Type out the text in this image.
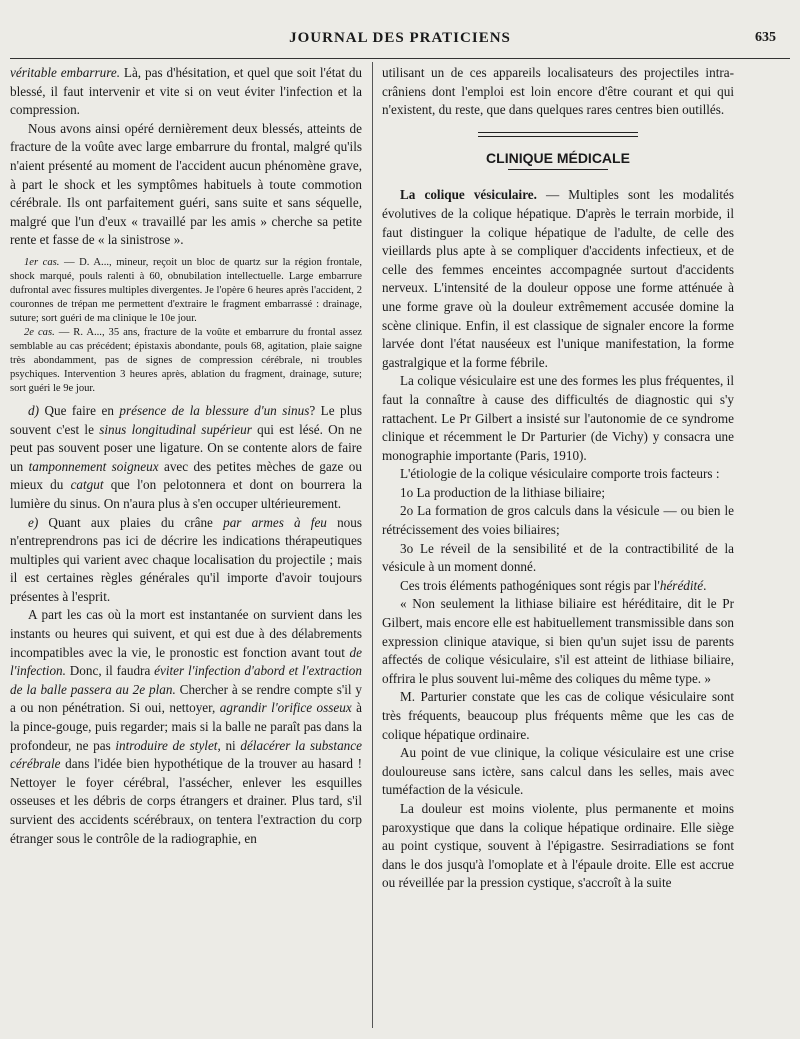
JOURNAL DES PRATICIENS	635

véritable embarrure. Là, pas d'hésitation, et quel que soit l'état du blessé, il faut intervenir et vite si on veut éviter l'infection et la compression.

Nous avons ainsi opéré dernièrement deux blessés, atteints de fracture de la voûte avec large embarrure du frontal, malgré qu'ils n'aient présenté au moment de l'accident aucun phénomène grave, à part le shock et les symptômes habituels à toute commotion cérébrale. Ils ont parfaitement guéri, sans suite et sans séquelle, malgré que l'un d'eux « travaillé par les amis » cherche sa petite rente et fasse de « la sinistrose ».

1er cas. — D. A..., mineur, reçoit un bloc de quartz sur la région frontale, shock marqué, pouls ralenti à 60, obnubilation intellectuelle. Large embarrure dufrontal avec fissures multiples divergentes. Je l'opère 6 heures après l'accident, 2 couronnes de trépan me permettent d'extraire le fragment embarrassé : drainage, suture; sort guéri de ma clinique le 10e jour.

2e cas. — R. A..., 35 ans, fracture de la voûte et embarrure du frontal assez semblable au cas précédent; épistaxis abondante, pouls 68, agitation, plaie saigne très abondamment, pas de signes de compression cérébrale, ni troubles psychiques. Intervention 3 heures après, ablation du fragment, drainage, suture; sort guéri le 9e jour.

d) Que faire en présence de la blessure d'un sinus? Le plus souvent c'est le sinus longitudinal supérieur qui est lésé. On ne peut pas souvent poser une ligature. On se contente alors de faire un tamponnement soigneux avec des petites mèches de gaze ou mieux du catgut que l'on pelotonnera et dont on bourrera la lumière du sinus. On n'aura plus à s'en occuper ultérieurement.

e) Quant aux plaies du crâne par armes à feu nous n'entreprendrons pas ici de décrire les indications thérapeutiques multiples qui varient avec chaque localisation du projectile ; mais il est certaines règles générales qu'il importe d'avoir toujours présentes à l'esprit.

A part les cas où la mort est instantanée on survient dans les instants ou heures qui suivent, et qui est due à des délabrements incompatibles avec la vie, le pronostic est fonction avant tout de l'infection. Donc, il faudra éviter l'infection d'abord et l'extraction de la balle passera au 2e plan. Chercher à se rendre compte s'il y a ou non pénétration. Si oui, nettoyer, agrandir l'orifice osseux à la pince-gouge, puis regarder; mais si la balle ne paraît pas dans la profondeur, ne pas introduire de stylet, ni délacérer la substance cérébrale dans l'idée bien hypothétique de la trouver au hasard ! Nettoyer le foyer cérébral, l'assécher, enlever les esquilles osseuses et les débris de corps étrangers et drainer. Plus tard, s'il survient des accidents scérébraux, on tentera l'extraction du corp étranger sous le contrôle de la radiographie, en

utilisant un de ces appareils localisateurs des projectiles intra-crâniens dont l'emploi est loin encore d'être courant et qui qui n'existent, du reste, que dans quelques rares centres bien outillés.

CLINIQUE MÉDICALE

La colique vésiculaire. — Multiples sont les modalités évolutives de la colique hépatique. D'après le terrain morbide, il faut distinguer la colique hépatique de l'adulte, de celle des vieillards plus apte à se compliquer d'accidents infectieux, et de celle des femmes enceintes accompagnée surtout d'accidents nerveux. L'intensité de la douleur oppose une forme atténuée à une forme grave où la douleur extrêmement accusée domine la scène clinique. Enfin, il est classique de signaler encore la forme larvée dont l'état nauséeux est l'unique manifestation, la forme gastralgique et la forme fébrile.

La colique vésiculaire est une des formes les plus fréquentes, il faut la connaître à cause des difficultés de diagnostic qui s'y rattachent. Le Pr Gilbert a insisté sur l'autonomie de ce syndrome clinique et récemment le Dr Parturier (de Vichy) y consacra une monographie importante (Paris, 1910).

L'étiologie de la colique vésiculaire comporte trois facteurs :

1o La production de la lithiase biliaire;

2o La formation de gros calculs dans la vésicule — ou bien le rétrécissement des voies biliaires;

3o Le réveil de la sensibilité et de la contractibilité de la vésicule à un moment donné.

Ces trois éléments pathogéniques sont régis par l'hérédité.

« Non seulement la lithiase biliaire est héréditaire, dit le Pr Gilbert, mais encore elle est habituellement transmissible dans son expression clinique atavique, si bien qu'un sujet issu de parents affectés de colique vésiculaire, s'il est atteint de lithiase biliaire, offrira le plus souvent lui-même des coliques du même type. »

M. Parturier constate que les cas de colique vésiculaire sont très fréquents, beaucoup plus fréquents même que les cas de colique hépatique ordinaire.

Au point de vue clinique, la colique vésiculaire est une crise douloureuse sans ictère, sans calcul dans les selles, mais avec tuméfaction de la vésicule.

La douleur est moins violente, plus permanente et moins paroxystique que dans la colique hépatique ordinaire. Elle siège au point cystique, souvent à l'épigastre. Sesirradiations se font dans le dos jusqu'à l'omoplate et à l'épaule droite. Elle est accrue ou réveillée par la pression cystique, s'accroît à la suite
